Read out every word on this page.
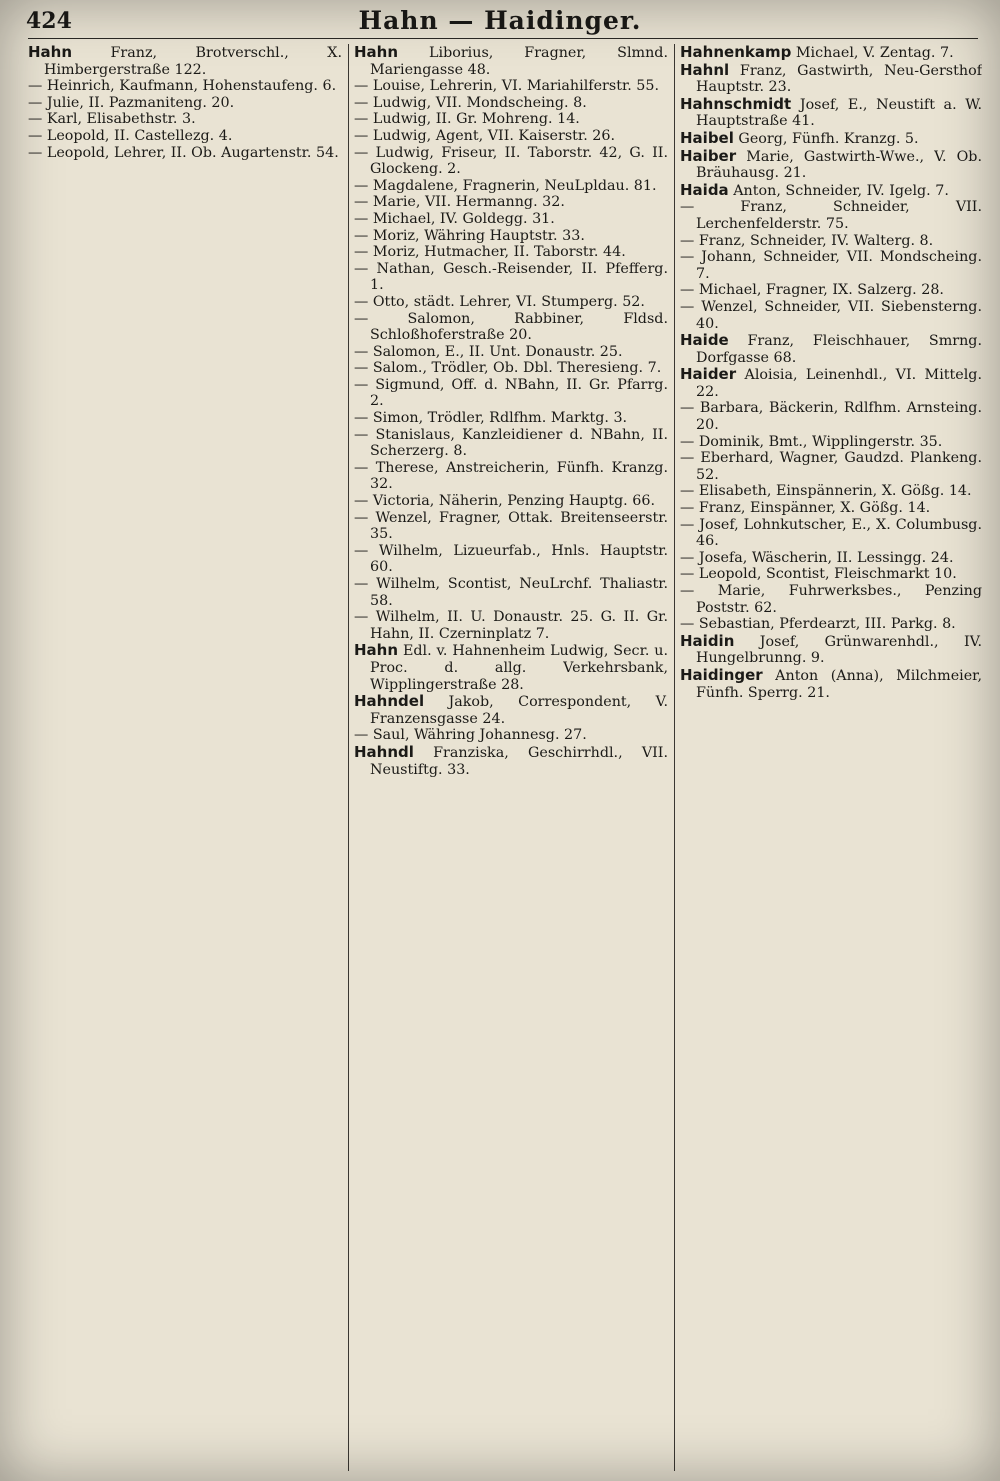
424	Hahn — Haidinger.
Hahn	Franz, Brotverschl., X. Himbergerstraße 122.
— Heinrich, Kaufmann, Hohenstaufeng. 6.
— Julie, II. Pazmaniteng. 20.
— Karl, Elisabethstr. 3.
— Leopold, II. Castellezg. 4.
— Leopold, Lehrer, II. Ob. Augartenstr. 54.
Hahn Liborius, Fragner, Slmnd. Mariengasse 48.
— Louise, Lehrerin, VI. Mariahilferstr. 55.
— Ludwig, VII. Mondscheing. 8.
— Ludwig, II. Gr. Mohreng. 14.
— Ludwig, Agent, VII. Kaiserstr. 26.
— Ludwig, Friseur, II. Taborstr. 42, G. II. Glockeng. 2.
— Magdalene, Fragnerin, NeuLpldau. 81.
— Marie, VII. Hermanng. 32.
— Michael, IV. Goldegg. 31.
— Moriz, Währing Hauptstr. 33.
— Moriz, Hutmacher, II. Taborstr. 44.
— Nathan, Gesch.-Reisender, II. Pfefferg. 1.
— Otto, städt. Lehrer, VI. Stumperg. 52.
— Salomon, Rabbiner, Fldsd. Schloßhoferstraße 20.
— Salomon, E., II. Unt. Donaustr. 25.
— Salom., Trödler, Ob. Dbl. Theresieng. 7.
— Sigmund, Off. d. NBahn, II. Gr. Pfarrg. 2.
— Simon, Trödler, Rdlfhm. Marktg. 3.
— Stanislaus, Kanzleidiener d. NBahn, II. Scherzerg. 8.
— Therese, Anstreicherin, Fünfh. Kranzg. 32.
— Victoria, Näherin, Penzing Hauptg. 66.
— Wenzel, Fragner, Ottak. Breitenseerstr. 35.
— Wilhelm, Lizueurfab., Hnls. Hauptstr. 60.
— Wilhelm, Scontist, NeuLrchf. Thaliastr. 58.
— Wilhelm, II. U. Donaustr. 25. G. II. Gr. Hahn, II. Czerninplatz 7.
Hahn Edl. v. Hahnenheim Ludwig, Secr. u. Proc. d. allg. Verkehrsbank, Wipplingerstraße 28.
Hahndel Jakob, Correspondent, V. Franzensgasse 24.
— Saul, Währing Johannesg. 27.
Hahndl Franziska, Geschirrhdl., VII. Neustiftg. 33.
Hahnenkamp Michael, V. Zentag. 7.
Hahnl Franz, Gastwirth, Neu-Gersthof Hauptstr. 23.
Hahnschmidt Josef, E., Neustift a. W. Hauptstraße 41.
Haibel Georg, Fünfh. Kranzg. 5.
Haiber Marie, Gastwirth-Wwe., V. Ob. Bräuhausg. 21.
Haida Anton, Schneider, IV. Igelg. 7.
— Franz, Schneider, VII. Lerchenfelderstr. 75.
— Franz, Schneider, IV. Walterg. 8.
— Johann, Schneider, VII. Mondscheing. 7.
— Michael, Fragner, IX. Salzerg. 28.
— Wenzel, Schneider, VII. Siebensterng. 40.
Haide Franz, Fleischhauer, Smrng. Dorfgasse 68.
Haider Aloisia, Leinenhdl., VI. Mittelg. 22.
— Barbara, Bäckerin, Rdlfhm. Arnsteing. 20.
— Dominik, Bmt., Wipplingerstr. 35.
— Eberhard, Wagner, Gaudzd. Plankeng. 52.
— Elisabeth, Einspännerin, X. Gößg. 14.
— Franz, Einspänner, X. Gößg. 14.
— Josef, Lohnkutscher, E., X. Columbusg. 46.
— Josefa, Wäscherin, II. Lessingg. 24.
— Leopold, Scontist, Fleischmarkt 10.
— Marie, Fuhrwerksbes., Penzing Poststr. 62.
— Sebastian, Pferdearzt, III. Parkg. 8.
Haidin Josef, Grünwarenhdl., IV. Hungelbrunng. 9.
Haidinger Anton (Anna), Milchmeier, Fünfh. Sperrg. 21.
